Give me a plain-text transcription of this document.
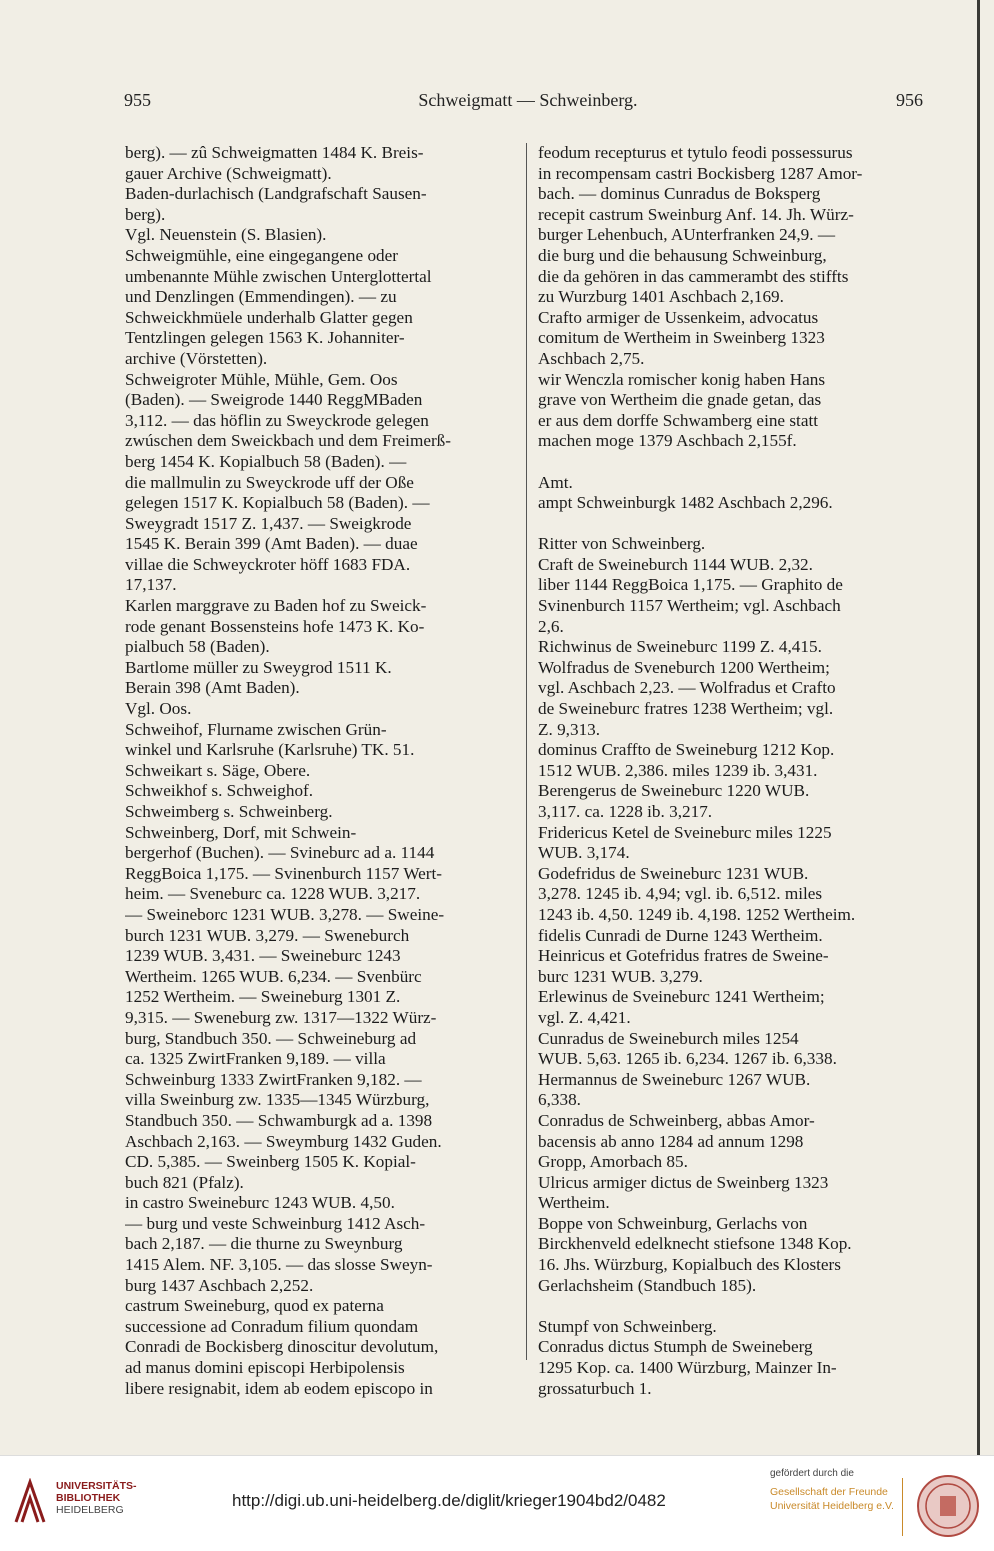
955	Schweigmatt — Schweinberg.	956
berg). — zû Schweigmatten 1484 K. Breis-
gauer Archive (Schweigmatt).
Baden-durlachisch (Landgrafschaft Sausen-
berg).
Vgl. Neuenstein (S. Blasien).
Schweigmühle, eine eingegangene oder
umbenannte Mühle zwischen Unterglottertal
und Denzlingen (Emmendingen). — zu
Schweickhmüele underhalb Glatter gegen
Tentzlingen gelegen 1563 K. Johanniter-
archive (Vörstetten).
Schweigroter Mühle, Mühle, Gem. Oos
(Baden). — Sweigrode 1440 ReggMBaden
3,112. — das höflin zu Sweyckrode gelegen
zwúschen dem Sweickbach und dem Freimerß-
berg 1454 K. Kopialbuch 58 (Baden). —
die mallmulin zu Sweyckrode uff der Oße
gelegen 1517 K. Kopialbuch 58 (Baden). —
Sweygradt 1517 Z. 1,437. — Sweigkrode
1545 K. Berain 399 (Amt Baden). — duae
villae die Schweyckroter höff 1683 FDA.
17,137.
Karlen marggrave zu Baden hof zu Sweick-
rode genant Bossensteins hofe 1473 K. Ko-
pialbuch 58 (Baden).
Bartlome müller zu Sweygrod 1511 K.
Berain 398 (Amt Baden).
Vgl. Oos.
Schweihof, Flurname zwischen Grün-
winkel und Karlsruhe (Karlsruhe) TK. 51.
Schweikart s. Säge, Obere.
Schweikhof s. Schweighof.
Schweimberg s. Schweinberg.
Schweinberg, Dorf, mit Schwein-
bergerhof (Buchen). — Svineburc ad a. 1144
ReggBoica 1,175. — Svinenburch 1157 Wert-
heim. — Sveneburc ca. 1228 WUB. 3,217.
— Sweineborc 1231 WUB. 3,278. — Sweine-
burch 1231 WUB. 3,279. — Sweneburch
1239 WUB. 3,431. — Sweineburc 1243
Wertheim. 1265 WUB. 6,234. — Svenbürc
1252 Wertheim. — Sweineburg 1301 Z.
9,315. — Sweneburg zw. 1317—1322 Würz-
burg, Standbuch 350. — Schweineburg ad
ca. 1325 ZwirtFranken 9,189. — villa
Schweinburg 1333 ZwirtFranken 9,182. —
villa Sweinburg zw. 1335—1345 Würzburg,
Standbuch 350. — Schwamburgk ad a. 1398
Aschbach 2,163. — Sweymburg 1432 Guden.
CD. 5,385. — Sweinberg 1505 K. Kopial-
buch 821 (Pfalz).
in castro Sweineburc 1243 WUB. 4,50.
— burg und veste Schweinburg 1412 Asch-
bach 2,187. — die thurne zu Sweynburg
1415 Alem. NF. 3,105. — das slosse Sweyn-
burg 1437 Aschbach 2,252.
castrum Sweineburg, quod ex paterna
successione ad Conradum filium quondam
Conradi de Bockisberg dinoscitur devolutum,
ad manus domini episcopi Herbipolensis
libere resignabit, idem ab eodem episcopo in
feodum recepturus et tytulo feodi possessurus
in recompensam castri Bockisberg 1287 Amor-
bach. — dominus Cunradus de Boksperg
recepit castrum Sweinburg Anf. 14. Jh. Würz-
burger Lehenbuch, AUnterfranken 24,9. —
die burg und die behausung Schweinburg,
die da gehören in das cammerambt des stiffts
zu Wurzburg 1401 Aschbach 2,169.
Crafto armiger de Ussenkeim, advocatus
comitum de Wertheim in Sweinberg 1323
Aschbach 2,75.
wir Wenczla romischer konig haben Hans
grave von Wertheim die gnade getan, das
er aus dem dorffe Schwamberg eine statt
machen moge 1379 Aschbach 2,155f.
Amt.
ampt Schweinburgk 1482 Aschbach 2,296.
Ritter von Schweinberg.
Craft de Sweineburch 1144 WUB. 2,32.
liber 1144 ReggBoica 1,175. — Graphito de
Svinenburch 1157 Wertheim; vgl. Aschbach
2,6.
Richwinus de Sweineburc 1199 Z. 4,415.
Wolfradus de Sveneburch 1200 Wertheim;
vgl. Aschbach 2,23. — Wolfradus et Crafto
de Sweineburc fratres 1238 Wertheim; vgl.
Z. 9,313.
dominus Craffto de Sweineburg 1212 Kop.
1512 WUB. 2,386. miles 1239 ib. 3,431.
Berengerus de Sweineburc 1220 WUB.
3,117. ca. 1228 ib. 3,217.
Fridericus Ketel de Sveineburc miles 1225
WUB. 3,174.
Godefridus de Sweineburc 1231 WUB.
3,278. 1245 ib. 4,94; vgl. ib. 6,512. miles
1243 ib. 4,50. 1249 ib. 4,198. 1252 Wertheim.
fidelis Cunradi de Durne 1243 Wertheim.
Heinricus et Gotefridus fratres de Sweine-
burc 1231 WUB. 3,279.
Erlewinus de Sveineburc 1241 Wertheim;
vgl. Z. 4,421.
Cunradus de Sweineburch miles 1254
WUB. 5,63. 1265 ib. 6,234. 1267 ib. 6,338.
Hermannus de Sweineburc 1267 WUB.
6,338.
Conradus de Schweinberg, abbas Amor-
bacensis ab anno 1284 ad annum 1298
Gropp, Amorbach 85.
Ulricus armiger dictus de Sweinberg 1323
Wertheim.
Boppe von Schweinburg, Gerlachs von
Birckhenveld edelknecht stiefsone 1348 Kop.
16. Jhs. Würzburg, Kopialbuch des Klosters
Gerlachsheim (Standbuch 185).
Stumpf von Schweinberg.
Conradus dictus Stumph de Sweineberg
1295 Kop. ca. 1400 Würzburg, Mainzer In-
grossaturbuch 1.
UNIVERSITÄTS-
BIBLIOTHEK
HEIDELBERG	http://digi.ub.uni-heidelberg.de/diglit/krieger1904bd2/0482
gefördert durch die
Gesellschaft der Freunde
Universität Heidelberg e.V.
